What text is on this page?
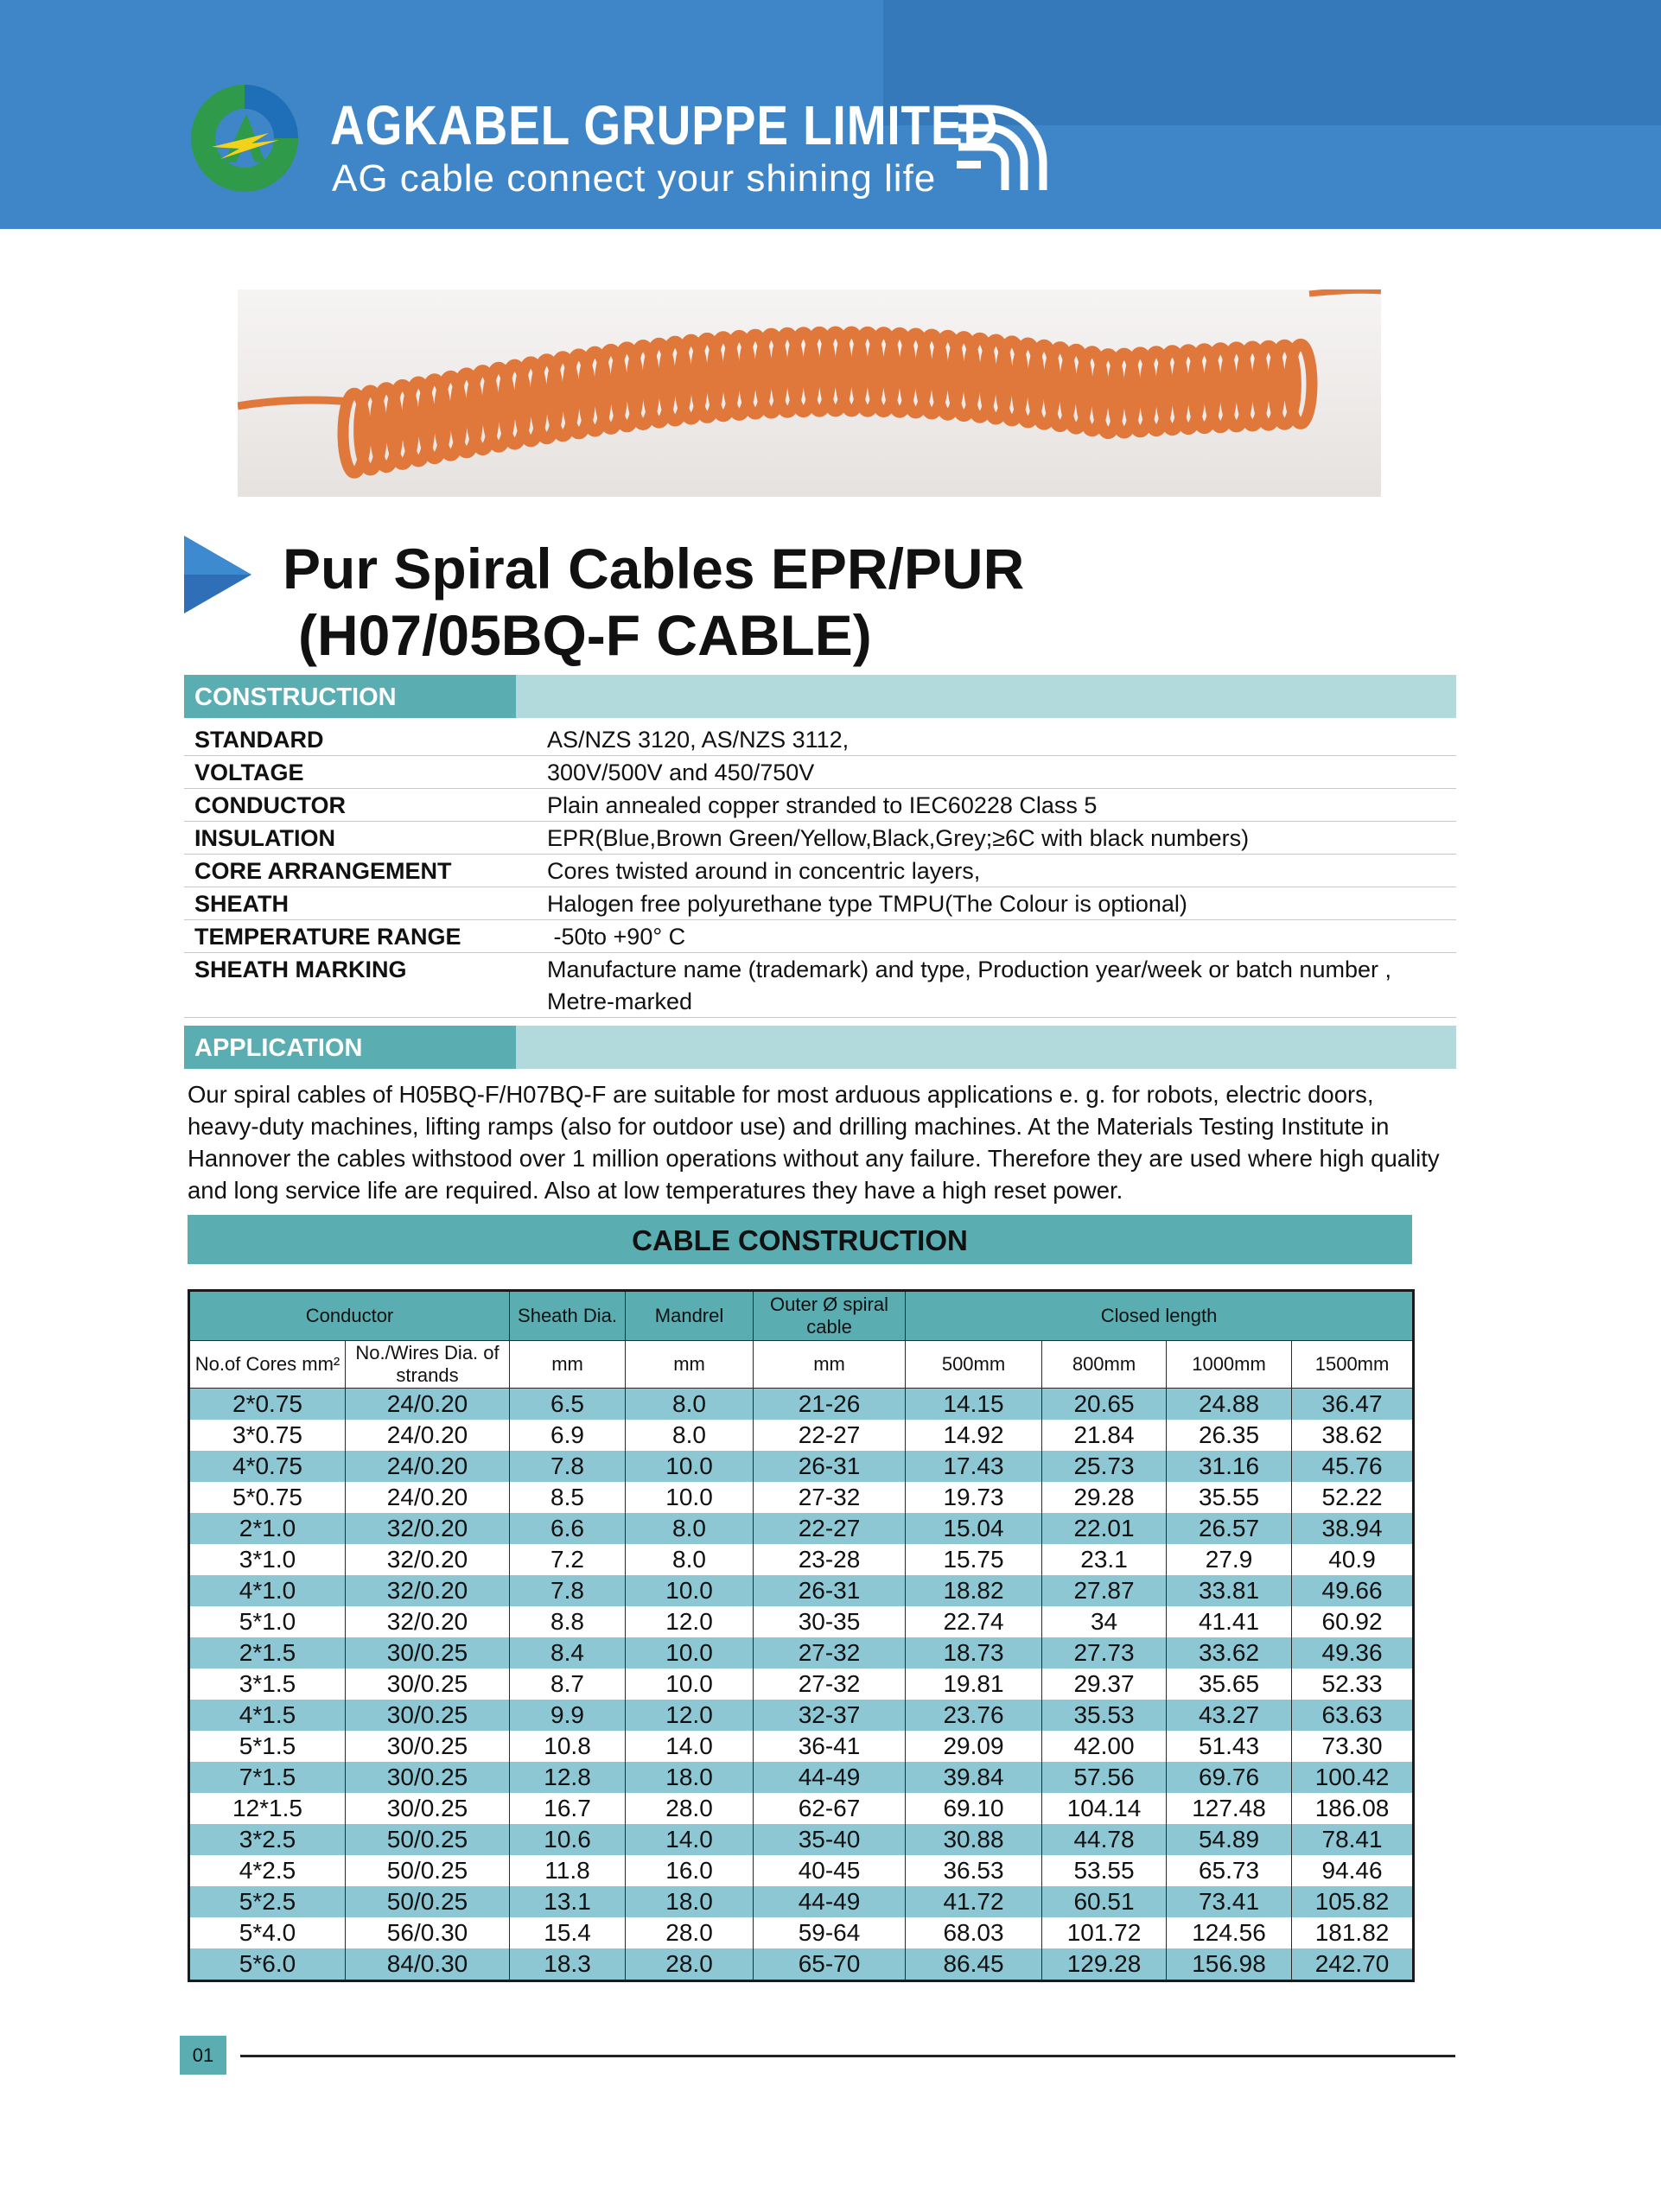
AGKABEL GRUPPE LIMITED
AG cable connect your shining life
Pur Spiral Cables EPR/PUR
(H07/05BQ-F CABLE)
CONSTRUCTION
STANDARD	AS/NZS 3120, AS/NZS 3112,
VOLTAGE	300V/500V and 450/750V
CONDUCTOR	Plain annealed copper stranded to IEC60228 Class 5
INSULATION	EPR(Blue,Brown Green/Yellow,Black,Grey;≥6C with black numbers)
CORE ARRANGEMENT	Cores twisted around in concentric layers,
SHEATH	Halogen free polyurethane type TMPU(The Colour is optional)
TEMPERATURE RANGE	-50to +90° C
SHEATH MARKING	Manufacture name (trademark) and type, Production year/week or batch number ,
Metre-marked
APPLICATION
Our spiral cables of H05BQ-F/H07BQ-F are suitable for most arduous applications e. g. for robots, electric doors,
heavy-duty machines, lifting ramps (also for outdoor use) and drilling machines. At the Materials Testing Institute in
Hannover the cables withstood over 1 million operations without any failure. Therefore they are used where high quality
and long service life are required. Also at low temperatures they have a high reset power.
CABLE CONSTRUCTION
Conductor		Sheath Dia.	Mandrel	Outer Ø spiral cable	Closed length			
No.of Cores mm²	No./Wires Dia. of strands	mm	mm	mm	500mm	800mm	1000mm	1500mm
2*0.75	24/0.20	6.5	8.0	21-26	14.15	20.65	24.88	36.47
3*0.75	24/0.20	6.9	8.0	22-27	14.92	21.84	26.35	38.62
4*0.75	24/0.20	7.8	10.0	26-31	17.43	25.73	31.16	45.76
5*0.75	24/0.20	8.5	10.0	27-32	19.73	29.28	35.55	52.22
2*1.0	32/0.20	6.6	8.0	22-27	15.04	22.01	26.57	38.94
3*1.0	32/0.20	7.2	8.0	23-28	15.75	23.1	27.9	40.9
4*1.0	32/0.20	7.8	10.0	26-31	18.82	27.87	33.81	49.66
5*1.0	32/0.20	8.8	12.0	30-35	22.74	34	41.41	60.92
2*1.5	30/0.25	8.4	10.0	27-32	18.73	27.73	33.62	49.36
3*1.5	30/0.25	8.7	10.0	27-32	19.81	29.37	35.65	52.33
4*1.5	30/0.25	9.9	12.0	32-37	23.76	35.53	43.27	63.63
5*1.5	30/0.25	10.8	14.0	36-41	29.09	42.00	51.43	73.30
7*1.5	30/0.25	12.8	18.0	44-49	39.84	57.56	69.76	100.42
12*1.5	30/0.25	16.7	28.0	62-67	69.10	104.14	127.48	186.08
3*2.5	50/0.25	10.6	14.0	35-40	30.88	44.78	54.89	78.41
4*2.5	50/0.25	11.8	16.0	40-45	36.53	53.55	65.73	94.46
5*2.5	50/0.25	13.1	18.0	44-49	41.72	60.51	73.41	105.82
5*4.0	56/0.30	15.4	28.0	59-64	68.03	101.72	124.56	181.82
5*6.0	84/0.30	18.3	28.0	65-70	86.45	129.28	156.98	242.70
01
